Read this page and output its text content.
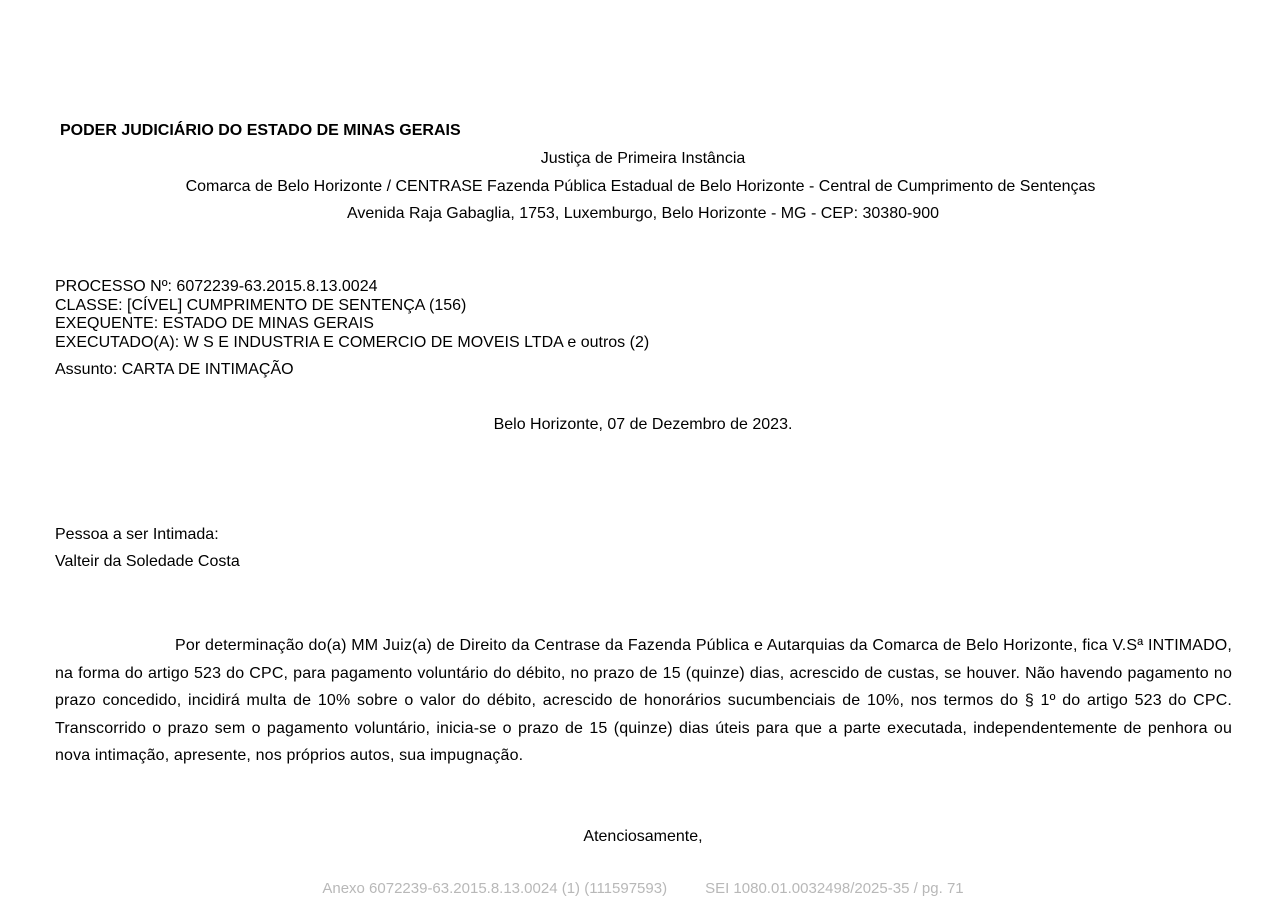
PODER JUDICIÁRIO DO ESTADO DE MINAS GERAIS
Justiça de Primeira Instância
Comarca de Belo Horizonte / CENTRASE Fazenda Pública Estadual de Belo Horizonte - Central de Cumprimento de Sentenças
Avenida Raja Gabaglia, 1753, Luxemburgo, Belo Horizonte - MG - CEP: 30380-900
PROCESSO Nº: 6072239-63.2015.8.13.0024
CLASSE: [CÍVEL] CUMPRIMENTO DE SENTENÇA (156)
EXEQUENTE: ESTADO DE MINAS GERAIS
EXECUTADO(A): W S E INDUSTRIA E COMERCIO DE MOVEIS LTDA e outros (2)
Assunto: CARTA DE INTIMAÇÃO
Belo Horizonte, 07 de Dezembro de 2023.
Pessoa a ser Intimada:
Valteir da Soledade Costa
Por determinação do(a) MM Juiz(a) de Direito da Centrase da Fazenda Pública e Autarquias da Comarca de Belo Horizonte, fica V.Sª INTIMADO, na forma do artigo 523 do CPC, para pagamento voluntário do débito, no prazo de 15 (quinze) dias, acrescido de custas, se houver. Não havendo pagamento no prazo concedido, incidirá multa de 10% sobre o valor do débito, acrescido de honorários sucumbenciais de 10%, nos termos do § 1º do artigo 523 do CPC. Transcorrido o prazo sem o pagamento voluntário, inicia-se o prazo de 15 (quinze) dias úteis para que a parte executada, independentemente de penhora ou nova intimação, apresente, nos próprios autos, sua impugnação.
Atenciosamente,
Anexo 6072239-63.2015.8.13.0024 (1) (111597593)	SEI 1080.01.0032498/2025-35 / pg. 71
